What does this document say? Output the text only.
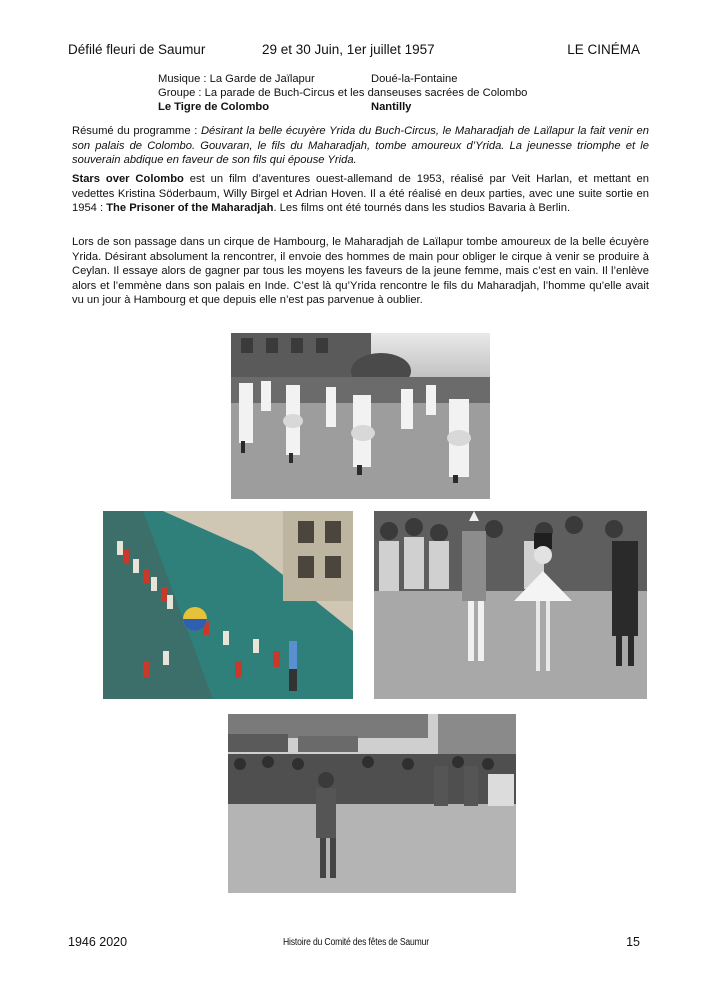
Défilé fleuri de Saumur	29 et 30 Juin, 1er juillet 1957	LE CINÉMA
Musique : La Garde de Jaïlapur	Doué-la-Fontaine
Groupe : La parade de Buch-Circus et les danseuses sacrées de Colombo
Le Tigre de Colombo	Nantilly

Résumé du programme : Désirant la belle écuyère Yrida du Buch-Circus, le Maharadjah de Laïlapur la fait venir en son palais de Colombo. Gouvaran, le fils du Maharadjah, tombe amoureux d’Yrida. La jeunesse triomphe et le souverain abdique en faveur de son fils qui épouse Yrida.

Stars over Colombo est un film d’aventures ouest-allemand de 1953, réalisé par Veit Harlan, et mettant en vedettes Kristina Söderbaum, Willy Birgel et Adrian Hoven. Il a été réalisé en deux parties, avec une suite sortie en 1954 : The Prisoner of the Maharadjah. Les films ont été tournés dans les studios Bavaria à Berlin.

Lors de son passage dans un cirque de Hambourg, le Maharadjah de Laïlapur tombe amoureux de la belle écuyère Yrida. Désirant absolument la rencontrer, il envoie des hommes de main pour obliger le cirque à venir se produire à Ceylan. Il essaye alors de gagner par tous les moyens les faveurs de la jeune femme, mais c’est en vain. Il l’enlève alors et l’emmène dans son palais en Inde. C’est là qu’Yrida rencontre le fils du Maharadjah, l’homme qu’elle avait vu un jour à Hambourg et que depuis elle n’est pas parvenue à oublier.

1946 2020	Histoire du Comité des fêtes de Saumur	15
